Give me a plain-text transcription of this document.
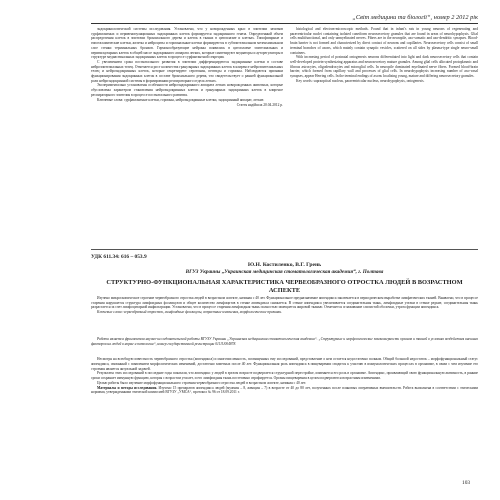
„Світ медицини та біології“, номер 2 2012 рік

эндокринологической системы исследования. Установлено, что у новорожденных крыс в эпителии зачатков сурфактантных и перивенопуляционных эндокринных клеток формируется эндокринного генеза. Определенный объем распределения клеток в эпителии бронхиального дерева и клеток в тканях в цитоплазме и клетках. Гипофизарные и гипоталамические клетки, железы и нейроциты и гормональные клетки формируются в субэпителиальном мезенхимальном слое стенки терминальных бронхов. Гормонообразующие нейроны появились в цитоплазме эпителиальных и периваскулярных клеток в общей массе эндокринного аппарата легких, которые синтезируют медиаторы и ауторегуляторы в структуре медиастинальных эндокринных клеток в процессе сурфактантной секреции.

С увеличением срока постнатального развития в эпителии дифференцируются эндокринные клетки в составе нейроэпителиальных телец. Отмечается рост количества гранулярных эндокринных клеток в клиренсе нейроэпителиальных телец и нейроэндокринных клеток, которые секретируют серотонин, пептиды и гормоны. Наблюдаются признаки функционирования эндокринных клеток в составе бронхиального дерева, что свидетельствует о ранней функциональной роли нейроэндокринной системы в формировании респираторного отдела легких.

Экспериментально установлены особенности нейроэндокринного аппарата легких новорожденных животных, которые обусловлены характером становления нейроэндокринных клеток и гранулярных эндокринных клеток в клиренсе респираторного эпителия в процессе постнатального развития.

Ключевые слова: сурфактантные клетки, гормоны, нейроэндокринные клетки, эндокринный аппарат, легкие.

Стаття надійшла 20.04.2012 р.

histological and electron-microscopic methods. Found that in infant's rats in young neurons of regenerating and paraventricular nuclei containing isolated cuneiform neurosecretory granules that are found in areas of neurohypophysis. Glial cells multifunctional, and only unmyelinated nerves. Fibers are in the neuropile, axo-somatic and axo-dendritic synapses. Blood-brain barrier is not formed and characterized by direct contact of neurons and capillaries. Neurosecretory cells consist of small terminal branches of axons, which mainly contain synaptic vesicles, scattered on all sides by plasma-type single neuro-small containers.

With increasing period of postnatal ontogenesis neurons differentiated into light and dark neurosecretory cells that contain well-developed protein-synthesizing apparatus and neurosecretory mature granules. Among glial cells allocated protoplasmic and fibrous astrocytes, oligodendrocytes and microglial cells. In neuropile dominated myelinated nerve fibers. Formed blood-brain barrier, which formed from capillary wall and processes of glial cells. In neurohypophysis increasing number of axo-vasal synapses, appear Herring cells. In the terminal endings of axons localizing young, mature and differing neurosecretory granules.

Key words: supraoptical nucleus, paraventricular nucleus, neurohypophysis, ontogenesis.

УДК 611.34: 616 – 053.9
Ю.Н. Костиленко, В.Г. Грень
ВГУЗ Украины „Украинская медицинская стоматологическая академия“, г. Полтава
СТРУКТУРНО-ФУНКЦИОНАЛЬНАЯ ХАРАКТЕРИСТИКА ЧЕРВЕОБРАЗНОГО ОТРОСТКА ЛЮДЕЙ В ВОЗРАСТНОМ АСПЕКТЕ

Изучено микроскопическое строение червеобразного отростка людей в возрастном аспекте, начиная с 40 лет. Функциональное предназначение аппендикса заключается в периодическом выработке лимфатических тканей. Выявлено, что в процессе старения нарушается структура лимфоидных фолликулов и общее количество лимфоцитов в стенке аппендикса снижается. В стенке аппендикса увеличивается соединительная ткань, лимфоидные узелки в стенке редкие, соединительная ткань разрастается за счет лимфоцитарной инфильтрации. Установлено, что в процессе старения лимфоидная ткань полностью замещается жировой тканью. Отмечается сглаживание слизистой оболочки, утрата функции аппендикса.

Ключевые слова: червеобразный отросток, лимфоидные фолликулы, возрастные изменения, морфологические признаки.

Работа является фрагментом научно-исследовательской работы ВГУЗУ Украины „Украинская медицинская стоматологическая академия“. „Структурные и морфологические закономерности органов и тканей в условиях воздействия внешних факторов на людей в норме и патологии“, номер государственной регистрации 0111U004878.

Несмотря на всеобщую известность червеобразного отростка (аппендикса) и многочисленность, посвященных ему исследований, представление о нем остается недостаточно полным. Общий большой недостаток – морфофункциональный статус аппендикса, связанный с появлением морфологических изменений, достаточно заметных после 40 лет. Функциональная роль аппендикса в пищеварении сводится к участию в иммунологических процессах в организме, в связи с чем изучение его строения является актуальной задачей.

Результаты этих исследований в последние годы показали, что аппендикс у людей в зрелом возрасте подвергается структурной перестройке, изменяется его роль в организме. Аппендикс, проявляющий свою функциональную активность, в ранние сроки сохраняет иммунную функцию, которая с возрастом угасает, и его лимфоидная ткань постепенно атрофируется. Органы пищеварения в целом подвергаются возрастным изменениям.

Целью работы было изучение морфофункционального строения червеобразного отростка людей в возрастном аспекте, начиная с 40 лет.

Материалы и методы исследования. Изучено 15 препаратов аппендикса людей (мужчин – 8, женщин – 7) в возрасте от 40 до 80 лет, полученных после плановых оперативных вмешательств. Работа выполнена в соответствии с этическими нормами, утвержденными этической комиссией ВГУЗУ „УМСА“, протокол № 96 от 18.09.2011 г.

103
